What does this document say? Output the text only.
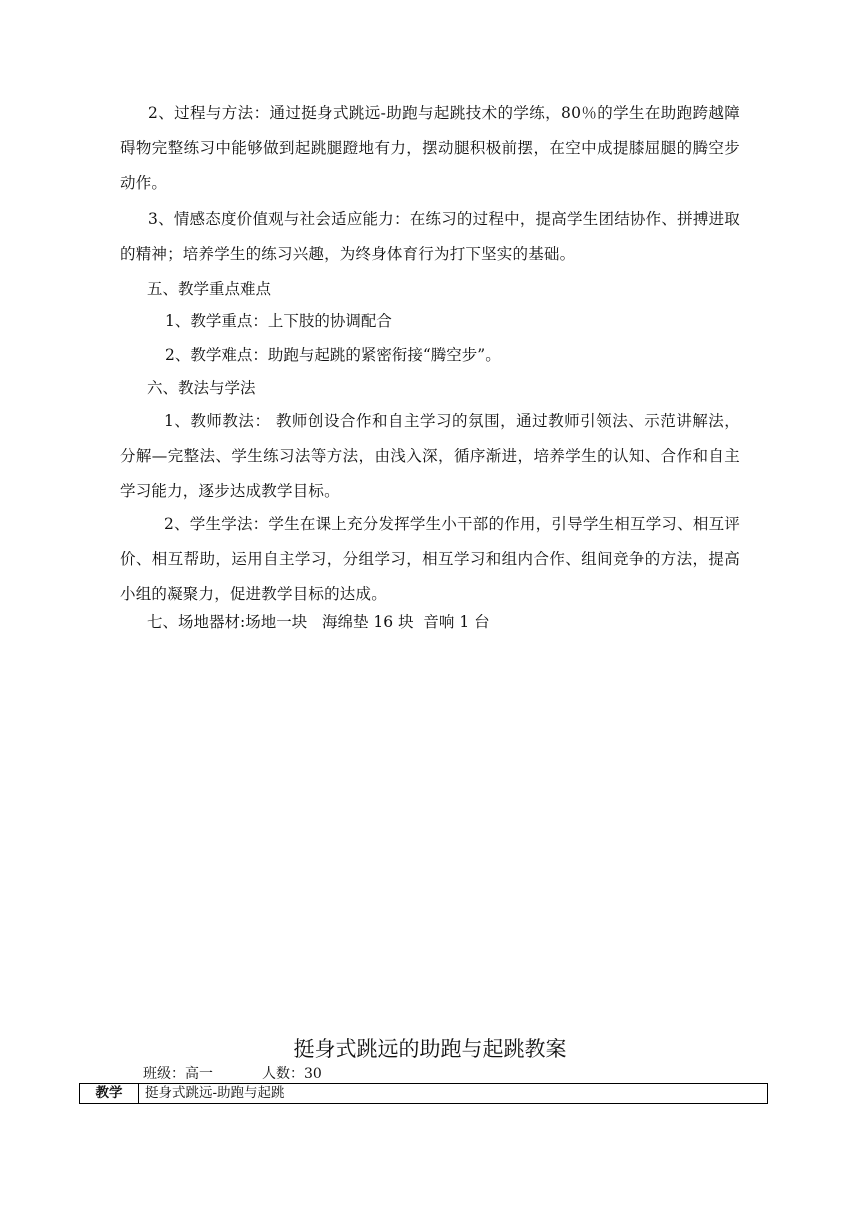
2、过程与方法：通过挺身式跳远-助跑与起跳技术的学练，80％的学生在助跑跨越障碍物完整练习中能够做到起跳腿蹬地有力，摆动腿积极前摆，在空中成提膝屈腿的腾空步动作。

3、情感态度价值观与社会适应能力：在练习的过程中，提高学生团结协作、拼搏进取的精神；培养学生的练习兴趣，为终身体育行为打下坚实的基础。

五、教学重点难点

1、教学重点：上下肢的协调配合

2、教学难点：助跑与起跳的紧密衔接“腾空步”。

六、教法与学法

1、教师教法： 教师创设合作和自主学习的氛围，通过教师引领法、示范讲解法，分解—完整法、学生练习法等方法，由浅入深，循序渐进，培养学生的认知、合作和自主学习能力，逐步达成教学目标。

2、学生学法：学生在课上充分发挥学生小干部的作用，引导学生相互学习、相互评价、相互帮助，运用自主学习，分组学习，相互学习和组内合作、组间竞争的方法，提高小组的凝聚力，促进教学目标的达成。

七、场地器材:场地一块   海绵垫 16 块  音响 1 台

挺身式跳远的助跑与起跳教案
班级：高一	人数：30
教学	挺身式跳远-助跑与起跳
